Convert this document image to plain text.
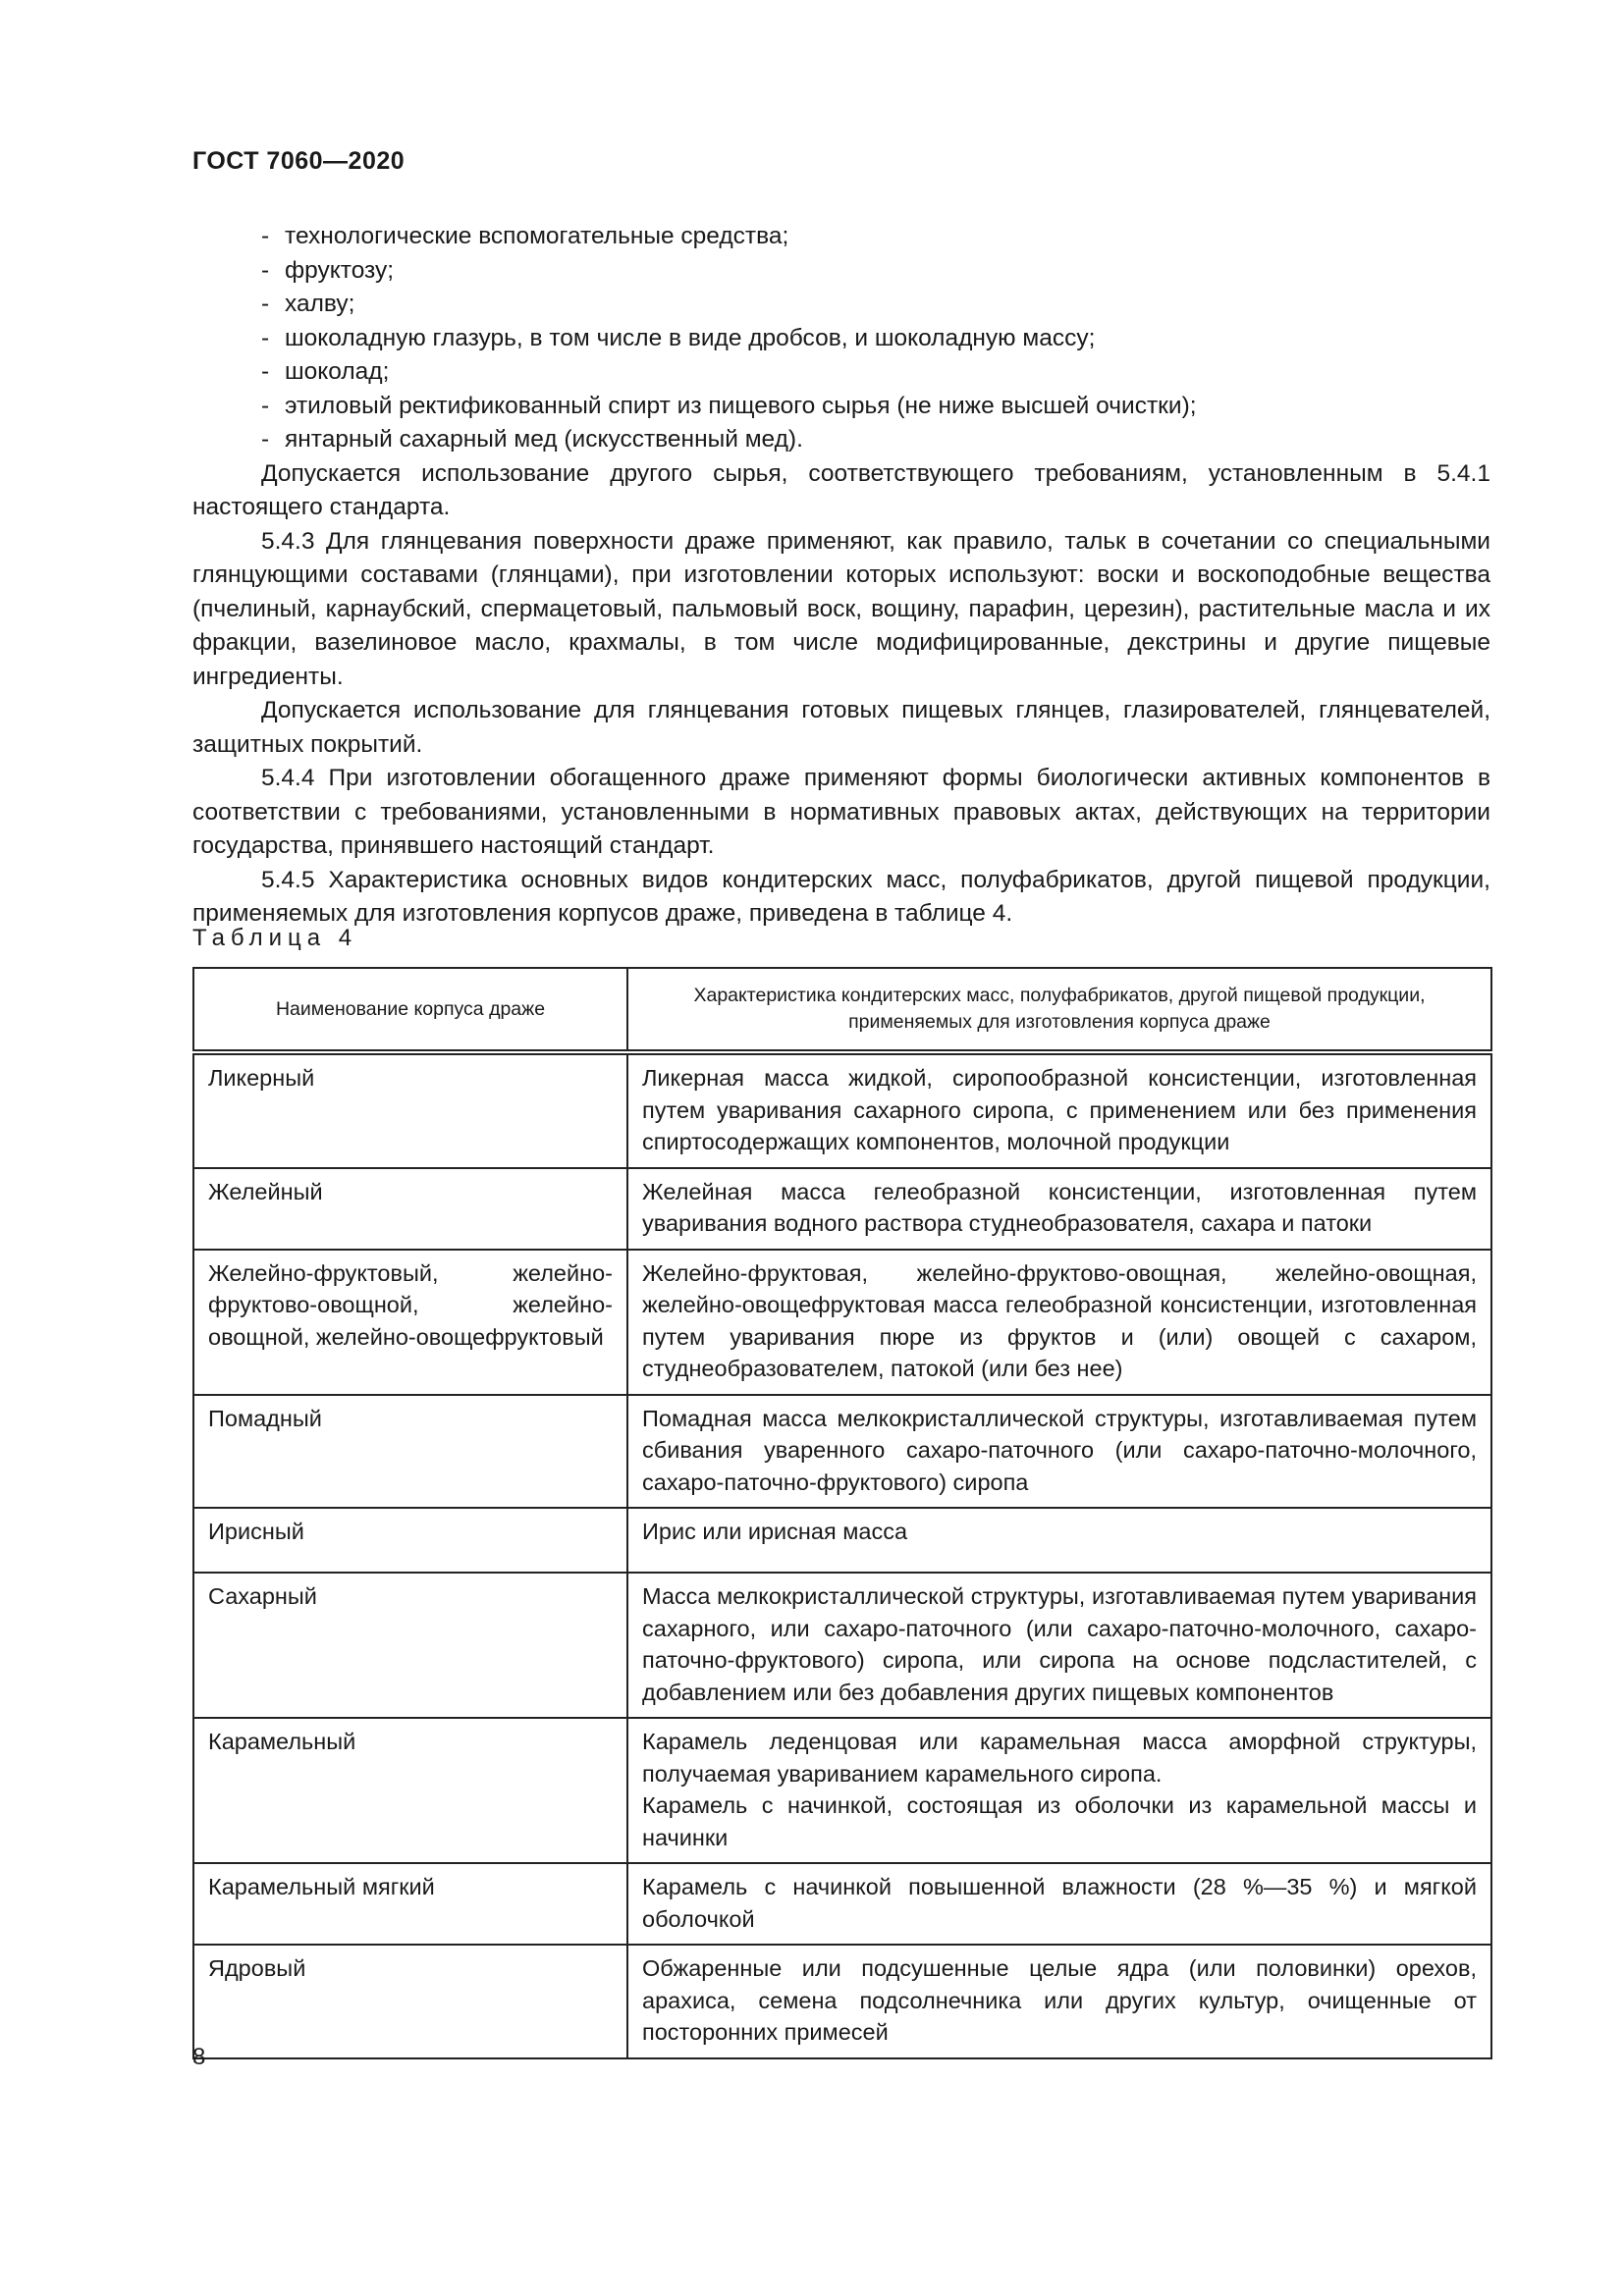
ГОСТ 7060—2020
- технологические вспомогательные средства;
- фруктозу;
- халву;
- шоколадную глазурь, в том числе в виде дробсов, и шоколадную массу;
- шоколад;
- этиловый ректификованный спирт из пищевого сырья (не ниже высшей очистки);
- янтарный сахарный мед (искусственный мед).

Допускается использование другого сырья, соответствующего требованиям, установленным в 5.4.1 настоящего стандарта.

5.4.3 Для глянцевания поверхности драже применяют, как правило, тальк в сочетании со специальными глянцующими составами (глянцами), при изготовлении которых используют: воски и воскоподобные вещества (пчелиный, карнаубский, спермацетовый, пальмовый воск, вощину, парафин, церезин), растительные масла и их фракции, вазелиновое масло, крахмалы, в том числе модифицированные, декстрины и другие пищевые ингредиенты.

Допускается использование для глянцевания готовых пищевых глянцев, глазирователей, глянцевателей, защитных покрытий.

5.4.4 При изготовлении обогащенного драже применяют формы биологически активных компонентов в соответствии с требованиями, установленными в нормативных правовых актах, действующих на территории государства, принявшего настоящий стандарт.

5.4.5 Характеристика основных видов кондитерских масс, полуфабрикатов, другой пищевой продукции, применяемых для изготовления корпусов драже, приведена в таблице 4.

Таблица 4
Наименование корпуса драже	Характеристика кондитерских масс, полуфабрикатов, другой пищевой продукции, применяемых для изготовления корпуса драже
Ликерный	Ликерная масса жидкой, сиропообразной консистенции, изготовленная путем уваривания сахарного сиропа, с применением или без применения спиртосодержащих компонентов, молочной продукции
Желейный	Желейная масса гелеобразной консистенции, изготовленная путем уваривания водного раствора студнеобразователя, сахара и патоки
Желейно-фруктовый, желейно-фруктово-овощной, желейно-овощной, желейно-овощефруктовый	Желейно-фруктовая, желейно-фруктово-овощная, желейно-овощная, желейно-овощефруктовая масса гелеобразной консистенции, изготовленная путем уваривания пюре из фруктов и (или) овощей с сахаром, студнеобразователем, патокой (или без нее)
Помадный	Помадная масса мелкокристаллической структуры, изготавливаемая путем сбивания уваренного сахаро-паточного (или сахаро-паточно-молочного, сахаро-паточно-фруктового) сиропа
Ирисный	Ирис или ирисная масса
Сахарный	Масса мелкокристаллической структуры, изготавливаемая путем уваривания сахарного, или сахаро-паточного (или сахаро-паточно-молочного, сахаро-паточно-фруктового) сиропа, или сиропа на основе подсластителей, с добавлением или без добавления других пищевых компонентов
Карамельный	Карамель леденцовая или карамельная масса аморфной структуры, получаемая увариванием карамельного сиропа.
Карамель с начинкой, состоящая из оболочки из карамельной массы и начинки

Карамельный мягкий	Карамель с начинкой повышенной влажности (28 %—35 %) и мягкой оболочкой
Ядровый	Обжаренные или подсушенные целые ядра (или половинки) орехов, арахиса, семена подсолнечника или других культур, очищенные от посторонних примесей
8
